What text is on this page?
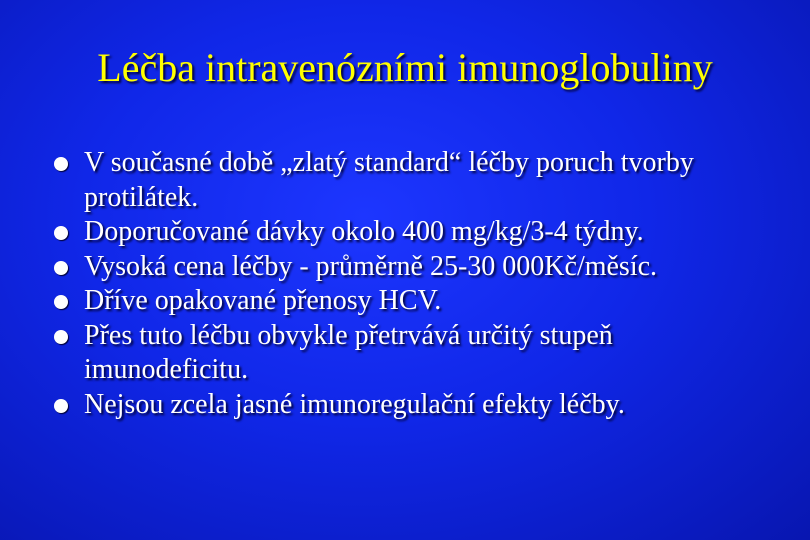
Léčba intravenózními imunoglobuliny
V současné době „zlatý standard“ léčby poruch tvorby protilátek.
Doporučované dávky okolo 400 mg/kg/3-4 týdny.
Vysoká cena léčby - průměrně 25-30 000Kč/měsíc.
Dříve opakované přenosy HCV.
Přes tuto léčbu obvykle přetrvává určitý stupeň imunodeficitu.
Nejsou zcela jasné imunoregulační efekty léčby.
